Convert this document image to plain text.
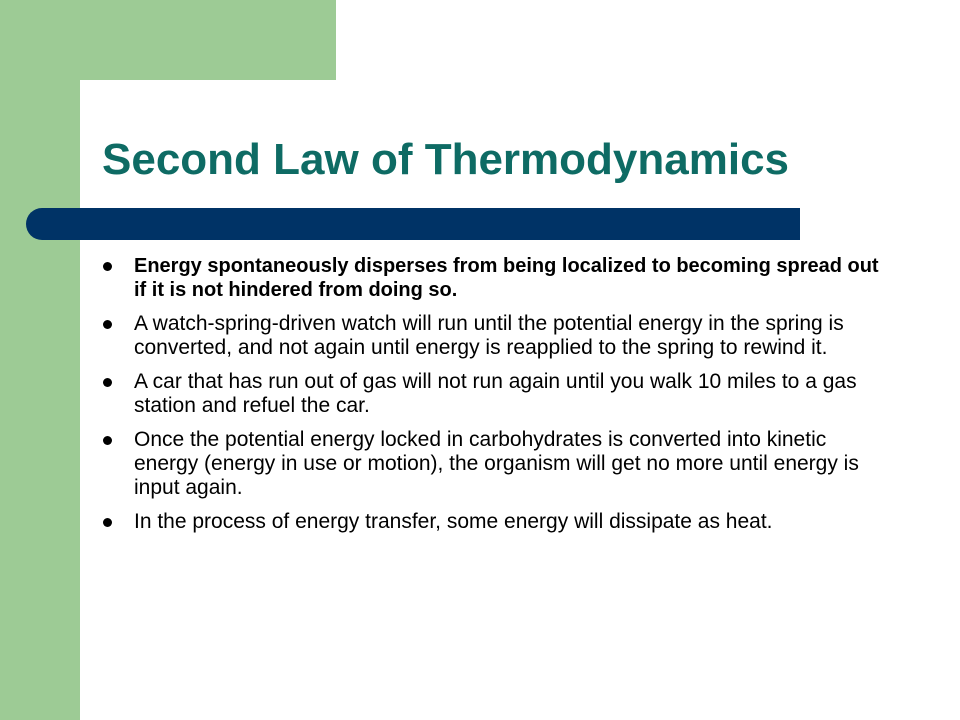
Second Law of Thermodynamics
Energy spontaneously disperses from being localized to becoming spread out if it is not hindered from doing so.
A watch-spring-driven watch will run until the potential energy in the spring is converted, and not again until energy is reapplied to the spring to rewind it.
A car that has run out of gas will not run again until you walk 10 miles to a gas station and refuel the car.
Once the potential energy locked in carbohydrates is converted into kinetic energy (energy in use or motion), the organism will get no more until energy is input again.
In the process of energy transfer, some energy will dissipate as heat.
